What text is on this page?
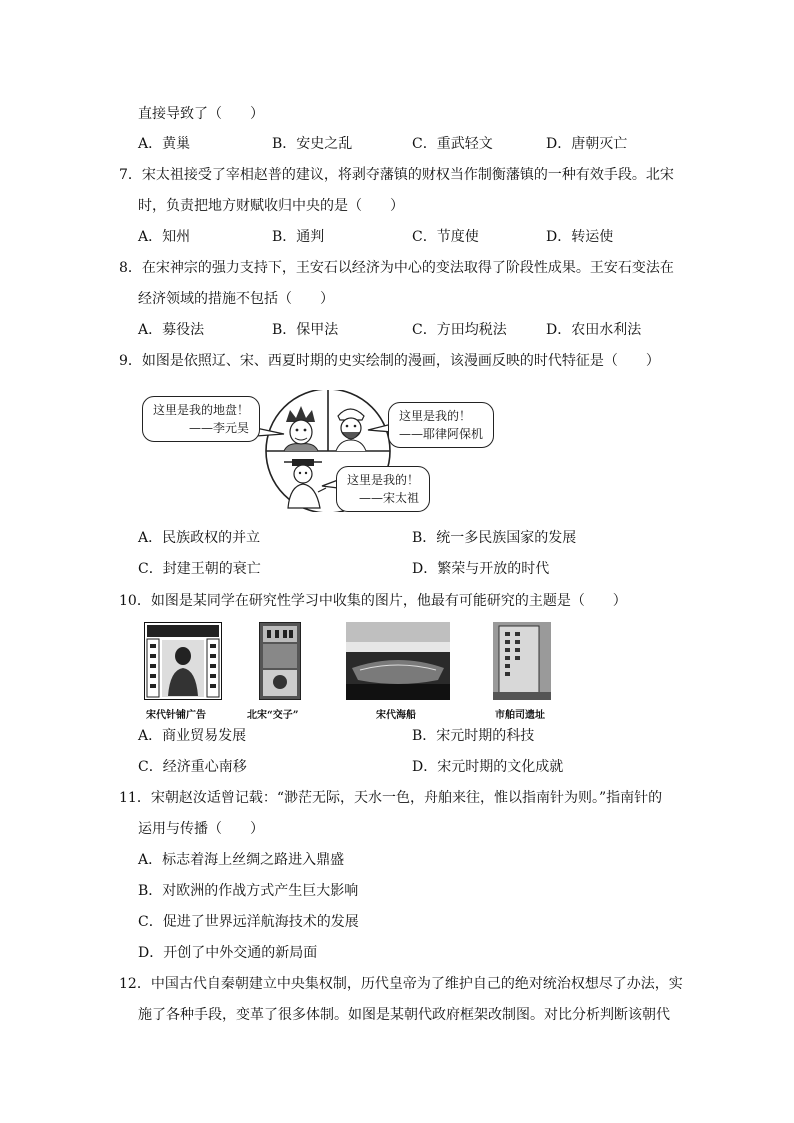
直接导致了（　　）
A．黄巢	B．安史之乱	C．重武轻文	D．唐朝灭亡
7．宋太祖接受了宰相赵普的建议，将剥夺藩镇的财权当作制衡藩镇的一种有效手段。北宋
时，负责把地方财赋收归中央的是（　　）
A．知州	B．通判	C．节度使	D．转运使
8．在宋神宗的强力支持下，王安石以经济为中心的变法取得了阶段性成果。王安石变法在
经济领域的措施不包括（　　）
A．募役法	B．保甲法	C．方田均税法	D．农田水利法
9．如图是依照辽、宋、西夏时期的史实绘制的漫画，该漫画反映的时代特征是（　　）
这里是我的地盘！
——李元昊
这里是我的！
——耶律阿保机
这里是我的！
——宋太祖
A．民族政权的并立	B．统一多民族国家的发展
C．封建王朝的衰亡	D．繁荣与开放的时代
10．如图是某同学在研究性学习中收集的图片，他最有可能研究的主题是（　　）
宋代针铺广告	北宋“交子”	宋代海船	市舶司遗址
A．商业贸易发展	B．宋元时期的科技
C．经济重心南移	D．宋元时期的文化成就
11．宋朝赵汝适曾记载：“渺茫无际，天水一色，舟舶来往，惟以指南针为则。”指南针的
运用与传播（　　）
A．标志着海上丝绸之路进入鼎盛
B．对欧洲的作战方式产生巨大影响
C．促进了世界远洋航海技术的发展
D．开创了中外交通的新局面
12．中国古代自秦朝建立中央集权制，历代皇帝为了维护自己的绝对统治权想尽了办法，实
施了各种手段，变革了很多体制。如图是某朝代政府框架改制图。对比分析判断该朝代
